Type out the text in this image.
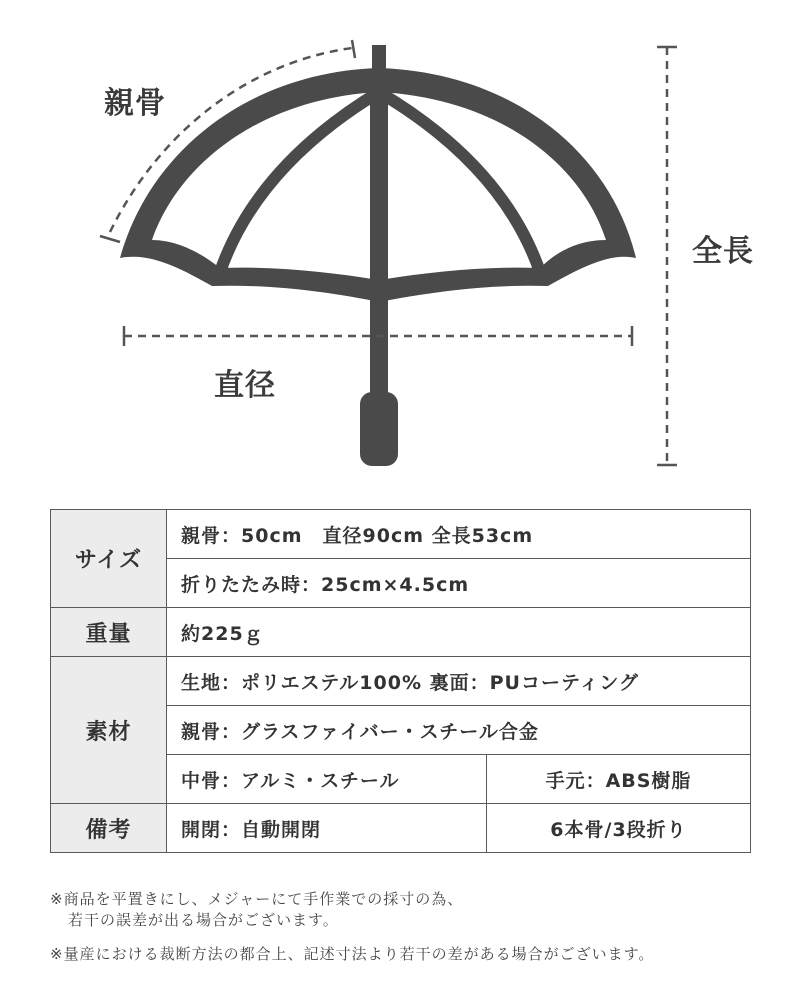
親骨
直径
全長
サイズ	親骨：50cm　直径90cm 全長53cm	
	折りたたみ時：25cm×4.5cm	
重量	約225ｇ	
素材	生地：ポリエステル100% 裏面：PUコーティング	
	親骨：グラスファイバー・スチール合金	
	中骨：アルミ・スチール	手元：ABS樹脂
備考	開閉：自動開閉	6本骨/3段折り
※商品を平置きにし、メジャーにて手作業での採寸の為、
若干の誤差が出る場合がございます。
※量産における裁断方法の都合上、記述寸法より若干の差がある場合がございます。
